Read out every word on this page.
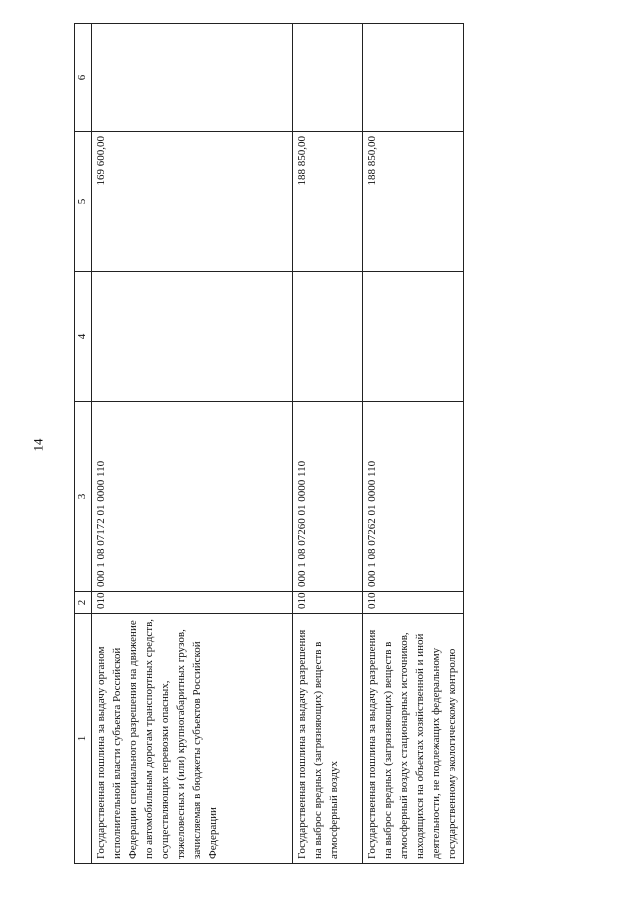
14
1	2	3	4	5	6
Государственная пошлина за выдачу органом исполнительной власти субъекта Российской Федерации специального разрешения на движение по автомобильным дорогам транспортных средств, осуществляющих перевозки опасных, тяжеловесных и (или) крупногабаритных грузов, зачисляемая в бюджеты субъектов Российской Федерации	010	000 1 08 07172 01 0000 110		169 600,00	
Государственная пошлина за выдачу разрешения на выброс вредных (загрязняющих) веществ в атмосферный воздух	010	000 1 08 07260 01 0000 110		188 850,00	
Государственная пошлина за выдачу разрешения на выброс вредных (загрязняющих) веществ в атмосферный воздух стационарных источников, находящихся на объектах хозяйственной и иной деятельности, не подлежащих федеральному государственному экологическому контролю	010	000 1 08 07262 01 0000 110		188 850,00	
